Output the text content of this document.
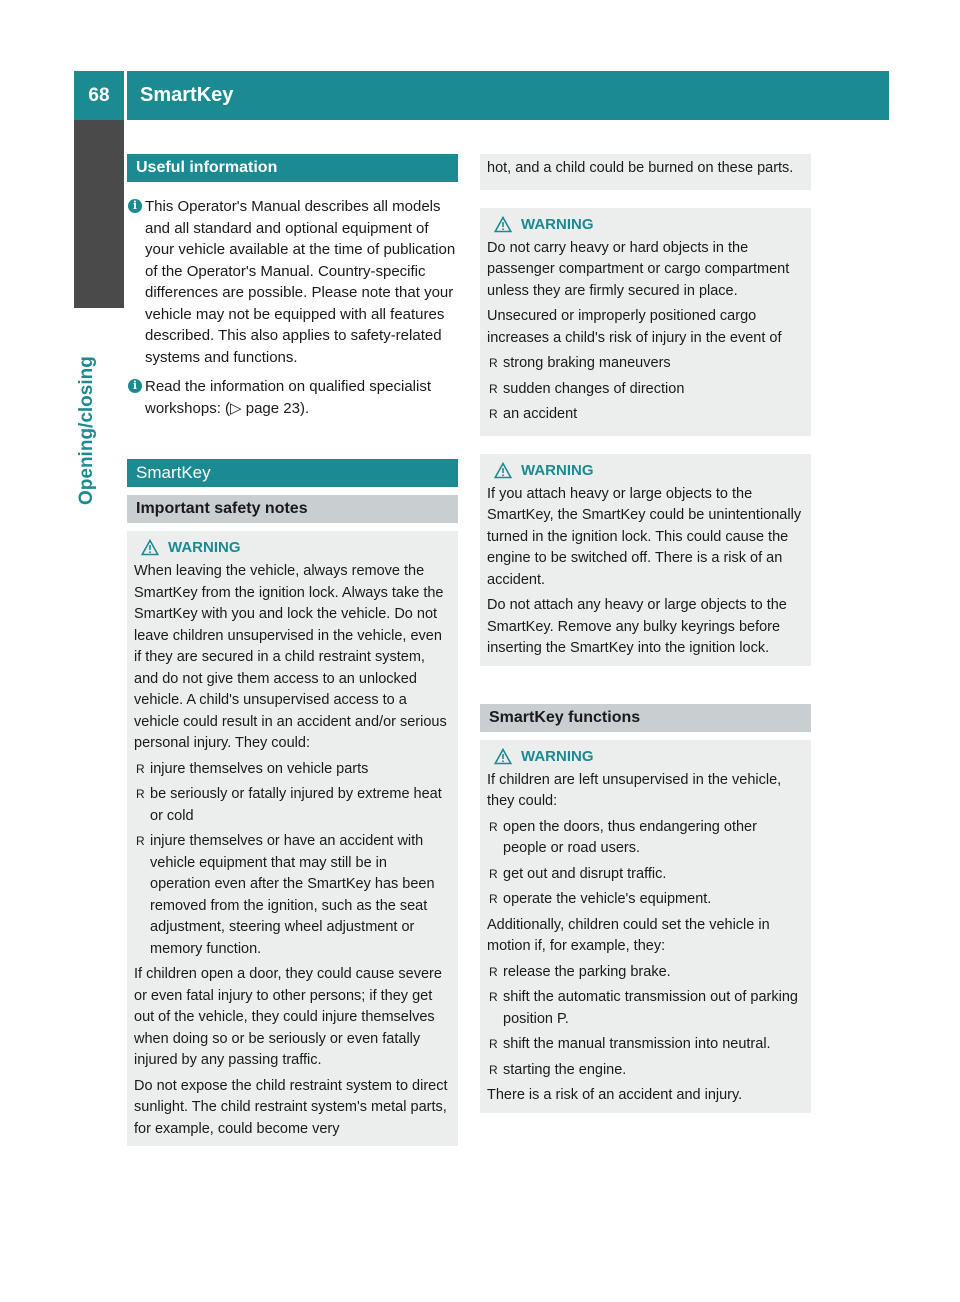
68	SmartKey
Opening/closing
Useful information
i This Operator's Manual describes all models and all standard and optional equipment of your vehicle available at the time of publication of the Operator's Manual. Country-specific differences are possible. Please note that your vehicle may not be equipped with all features described. This also applies to safety-related systems and functions.
i Read the information on qualified specialist workshops: (▷ page 23).
SmartKey
Important safety notes
WARNING

When leaving the vehicle, always remove the SmartKey from the ignition lock. Always take the SmartKey with you and lock the vehicle. Do not leave children unsupervised in the vehicle, even if they are secured in a child restraint system, and do not give them access to an unlocked vehicle. A child's unsupervised access to a vehicle could result in an accident and/or serious personal injury. They could:

R injure themselves on vehicle parts
R be seriously or fatally injured by extreme heat or cold
R injure themselves or have an accident with vehicle equipment that may still be in operation even after the SmartKey has been removed from the ignition, such as the seat adjustment, steering wheel adjustment or memory function.

If children open a door, they could cause severe or even fatal injury to other persons; if they get out of the vehicle, they could injure themselves when doing so or be seriously or even fatally injured by any passing traffic.

Do not expose the child restraint system to direct sunlight. The child restraint system's metal parts, for example, could become very

hot, and a child could be burned on these parts.

WARNING

Do not carry heavy or hard objects in the passenger compartment or cargo compartment unless they are firmly secured in place.

Unsecured or improperly positioned cargo increases a child's risk of injury in the event of

R strong braking maneuvers
R sudden changes of direction
R an accident
WARNING

If you attach heavy or large objects to the SmartKey, the SmartKey could be unintentionally turned in the ignition lock. This could cause the engine to be switched off. There is a risk of an accident.

Do not attach any heavy or large objects to the SmartKey. Remove any bulky keyrings before inserting the SmartKey into the ignition lock.

SmartKey functions
WARNING

If children are left unsupervised in the vehicle, they could:

R open the doors, thus endangering other people or road users.
R get out and disrupt traffic.
R operate the vehicle's equipment.

Additionally, children could set the vehicle in motion if, for example, they:

R release the parking brake.
R shift the automatic transmission out of parking position P.
R shift the manual transmission into neutral.
R starting the engine.

There is a risk of an accident and injury.
